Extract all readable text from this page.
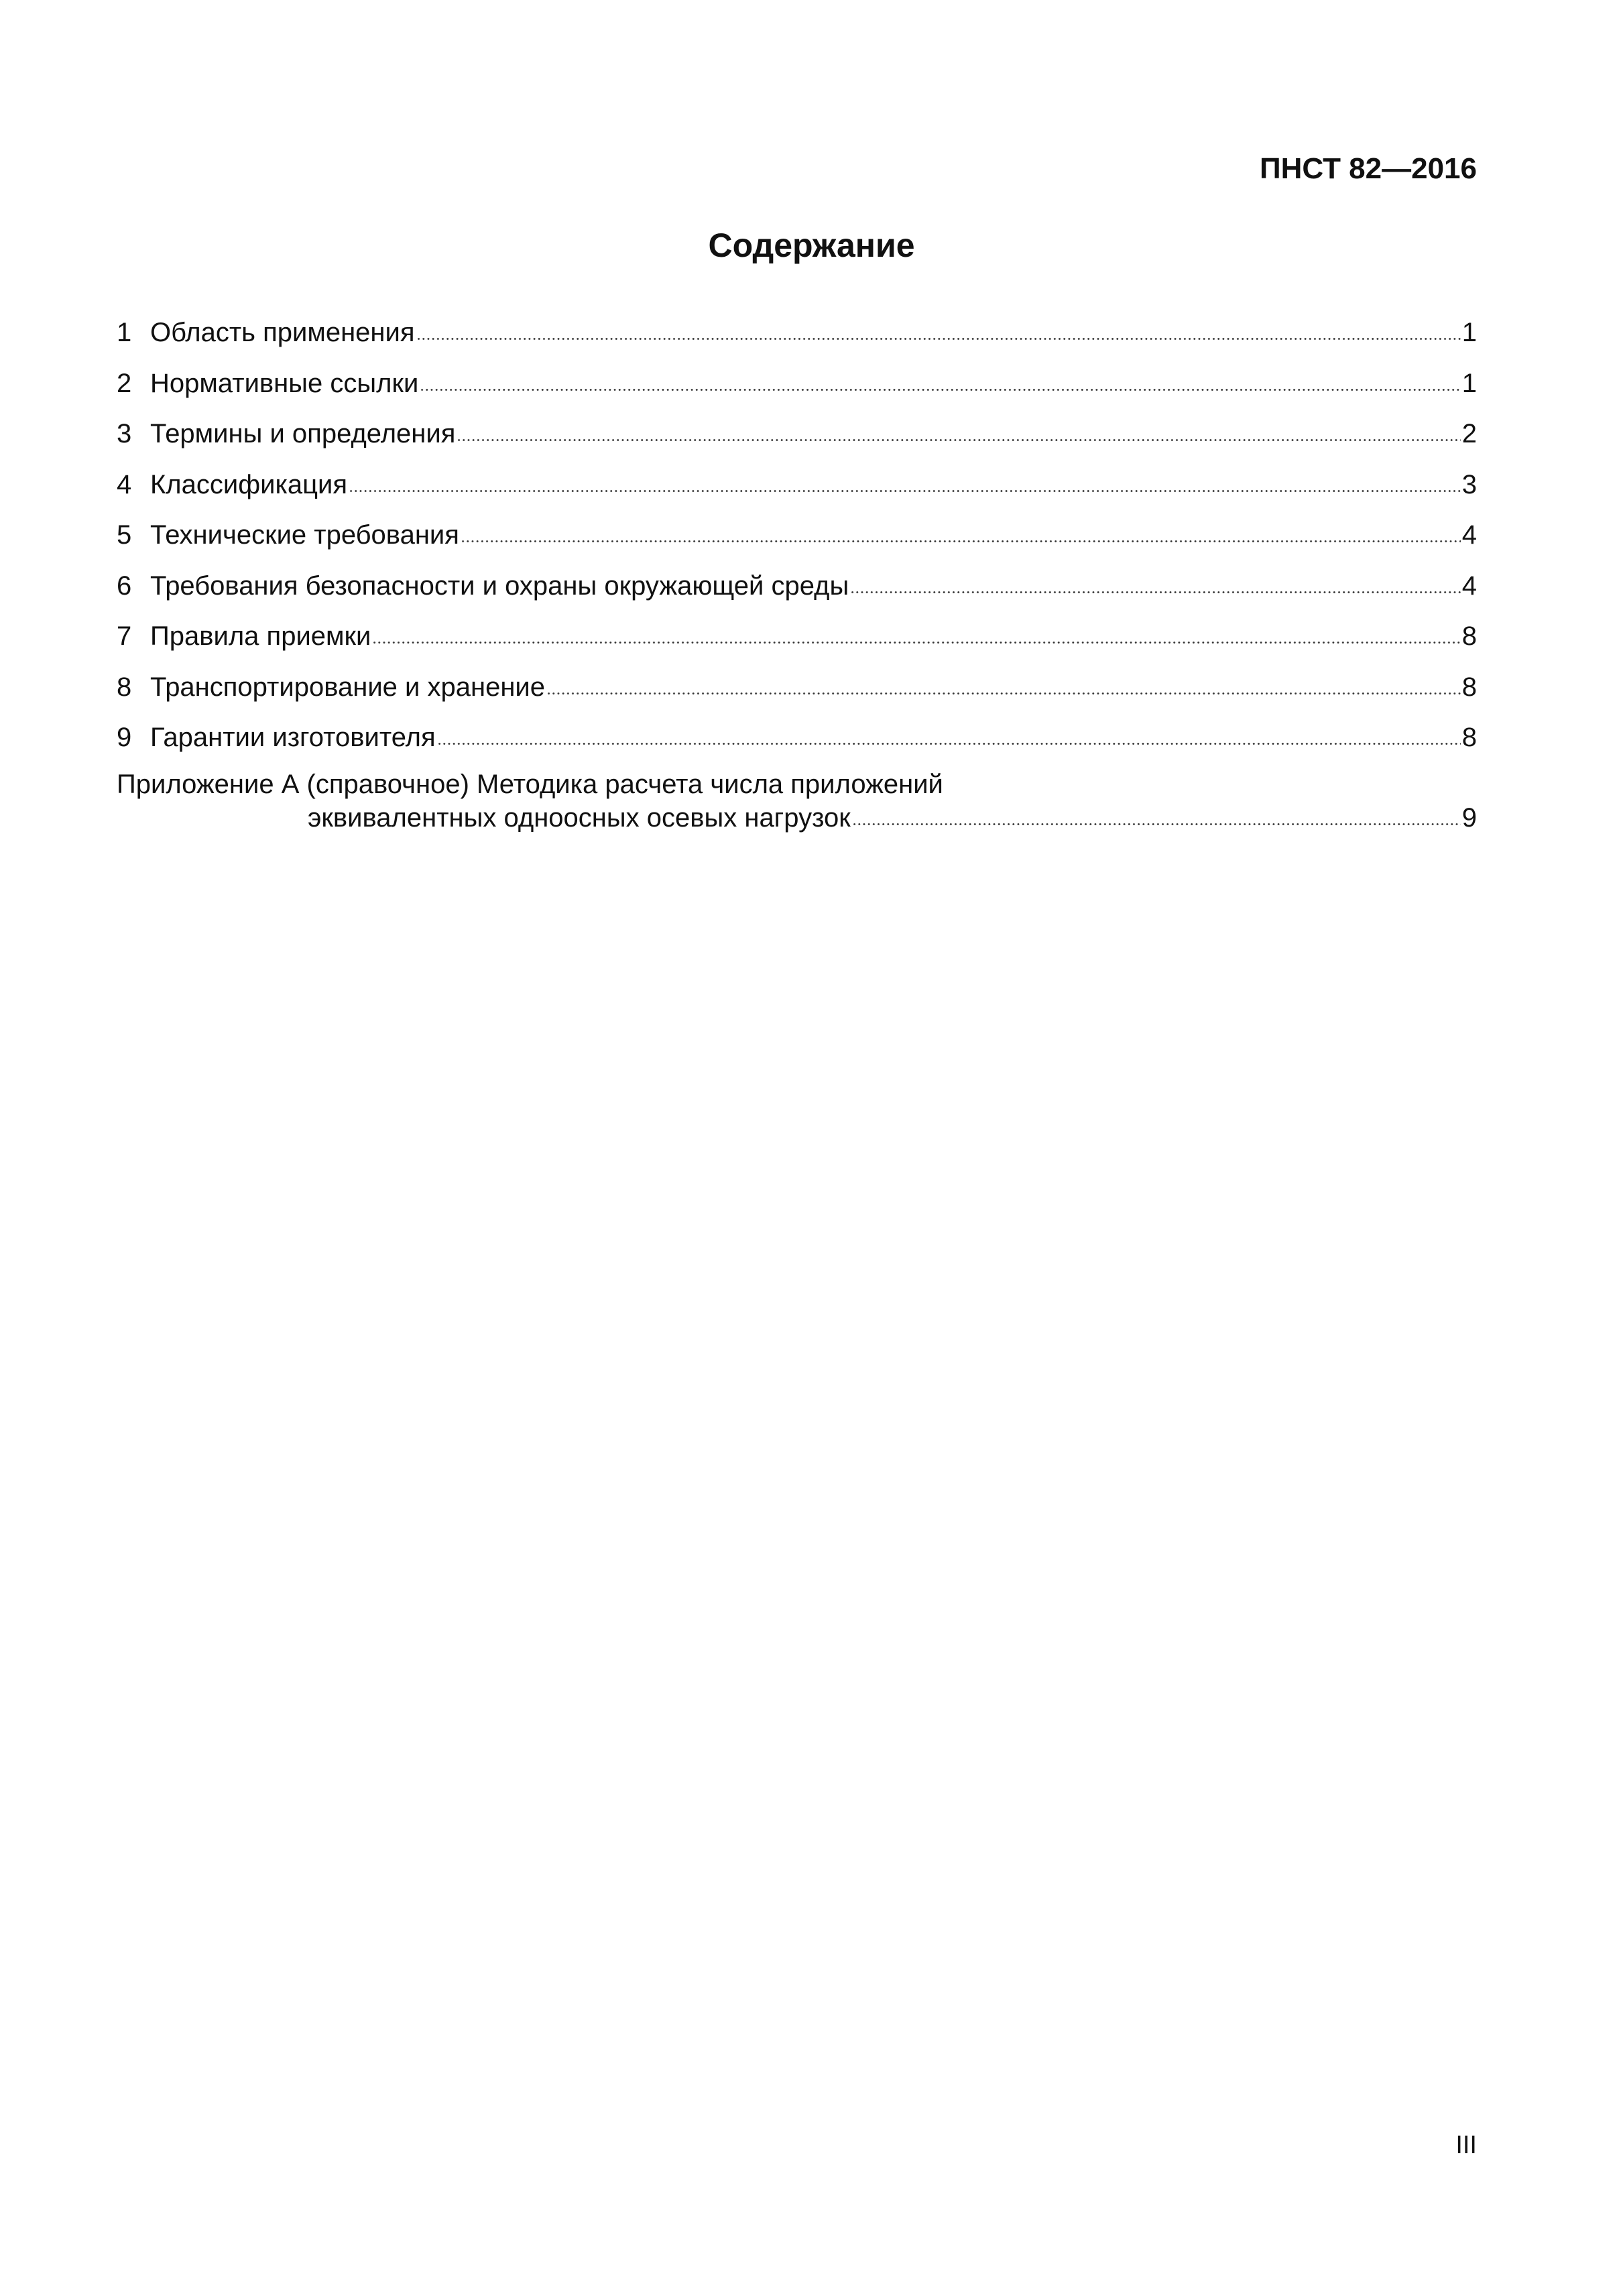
ПНСТ 82—2016
Содержание
1 Область применения	1
2 Нормативные ссылки	1
3 Термины и определения	2
4 Классификация	3
5 Технические требования	4
6 Требования безопасности и охраны окружающей среды	4
7 Правила приемки	8
8 Транспортирование и хранение	8
9 Гарантии изготовителя	8
Приложение А (справочное) Методика расчета числа приложений
эквивалентных одноосных осевых нагрузок	9
III
